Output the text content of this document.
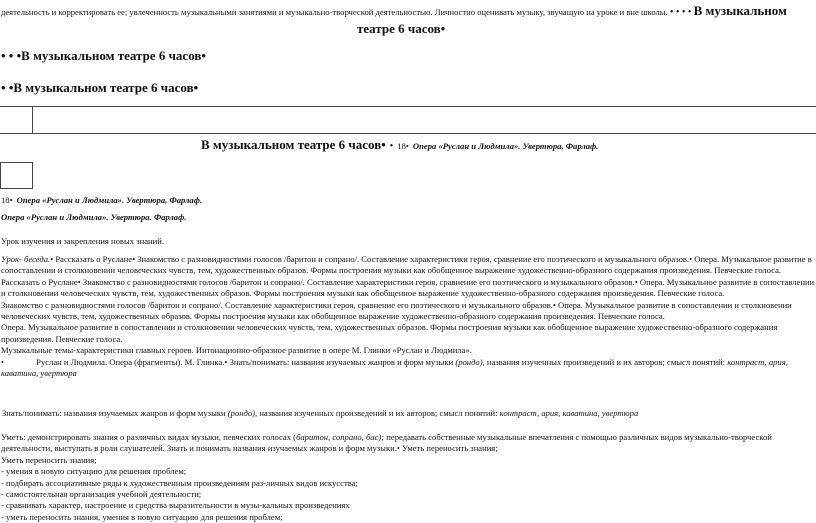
деятельность и корректировать ее; увлеченность музыкальными занятиями и музыкально-творческой деятельностью. Личностно оценивать музыку, звучащую на уроке и вне школы. • • • • В музыкальном
театре 6 часов•
• • •В музыкальном театре 6 часов•
• •В музыкальном театре 6 часов•
В музыкальном театре 6 часов• • 18• Опера «Руслан и Людмила». Увертюра, Фарлаф.
18• Опера «Руслан и Людмила». Увертюра, Фарлаф.
Опера «Руслан и Людмила». Увертюра. Фарлаф.
Урок изучения и закрепления новых знаний.
Урок- беседа.• Рассказать о Руслане• Знакомство с разновидностями голосов /баритон и сопрано/. Составление характеристики героя, сравнение его поэтического и музыкального образов.• Опера. Музыкальное развитие в сопоставлении и столкновении человеческих чувств, тем, художественных образов. Формы построения музыки как обобщенное выражение художественно-образного содержания произведения. Певческие голоса.
Рассказать о Руслане• Знакомство с разновидностями голосов /баритон и сопрано/. Составление характеристики героя, сравнение его поэтического и музыкального образов.• Опера. Музыкальное развитие в сопоставлении и столкновении человеческих чувств, тем, художественных образов. Формы построения музыки как обобщенное выражение художественно-образного содержания произведения. Певческие голоса.
Знакомство с разновидностями голосов /баритон и сопрано/. Составление характеристики героя, сравнение его поэтического и музыкального образов.• Опера. Музыкальное развитие в сопоставлении и столкновении человеческих чувств, тем, художественных образов. Формы построения музыки как обобщенное выражение художественно-образного содержания произведения. Певческие голоса.
Опера. Музыкальное развитие в сопоставлении и столкновении человеческих чувств, тем, художественных образов. Формы построения музыки как обобщенное выражение художественно-образного содержания произведения. Певческие голоса.
Музыкальные темы-характеристики главных героев. Интонационно-образное развитие в опере М. Глинки «Руслан и Людмила».
•	Руслан и Людмила. Опера (фрагменты). М. Глинка.• Знать/понимать: названия изучаемых жанров и форм музыки (рондо), названия изученных произведений и их авторов; смысл понятий: контраст, ария, каватина, увертюра
Знать/понимать: названия изучаемых жанров и форм музыки (рондо), названия изученных произведений и их авторов; смысл понятий: контраст, ария, каватина, увертюра
Уметь: демонстрировать знания о различных видах музыки, певческих голосах (баритон, сопрано, бас); передавать собственные музыкальные впечатления с помощью различных видов музыкально-творческой деятельности, выступать в роли слушателей. Знать и понимать названия изучаемых жанров и форм музыки.• Уметь переносить знания;
Уметь переносить знания;
- умения в новую ситуацию для решения проблем;
- подбирать ассоциативные ряды к художественным произведениям раз-личных видов искусства;
- самостоятельная организация учебной деятельности;
- сравнивать характер, настроение и средства выразительности в музы-кальных произведениях
- уметь переносить знания, умения в новую ситуацию для решения проблем;
